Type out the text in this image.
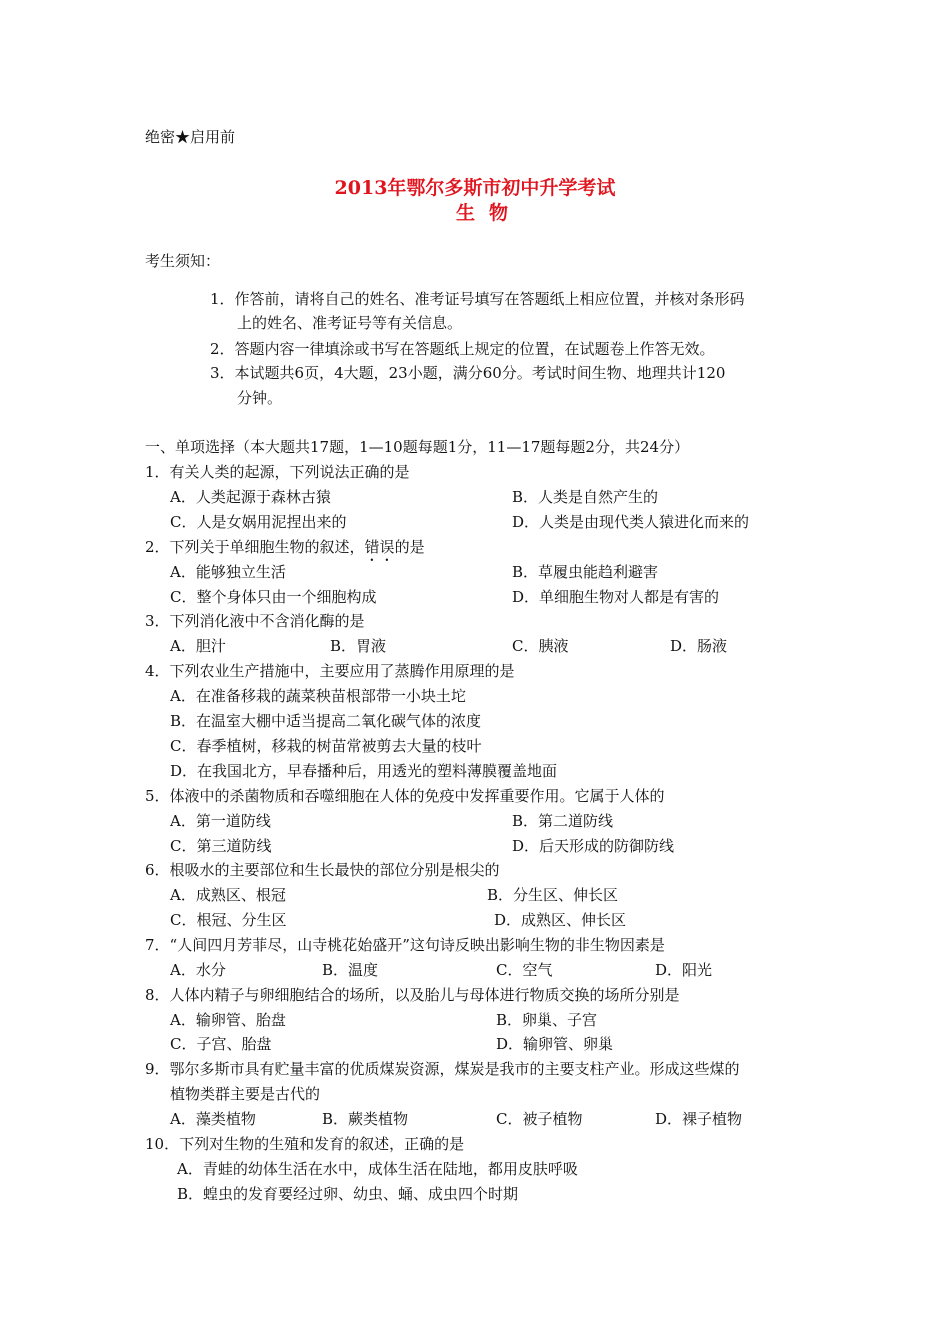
绝密★启用前
2013年鄂尔多斯市初中升学考试
生物
考生须知：
1．作答前，请将自己的姓名、准考证号填写在答题纸上相应位置，并核对条形码
上的姓名、准考证号等有关信息。
2．答题内容一律填涂或书写在答题纸上规定的位置，在试题卷上作答无效。
3．本试题共6页，4大题，23小题，满分60分。考试时间生物、地理共计120
分钟。
一、单项选择（本大题共17题，1—10题每题1分，11—17题每题2分，共24分）
1．有关人类的起源，下列说法正确的是
A．人类起源于森林古猿	B．人类是自然产生的
C．人是女娲用泥捏出来的	D．人类是由现代类人猿进化而来的
2．下列关于单细胞生物的叙述，错误的是
A．能够独立生活	B．草履虫能趋利避害
C．整个身体只由一个细胞构成	D．单细胞生物对人都是有害的
3．下列消化液中不含消化酶的是
A．胆汁	B．胃液	C．胰液	D．肠液
4．下列农业生产措施中，主要应用了蒸腾作用原理的是
A．在准备移栽的蔬菜秧苗根部带一小块土坨
B．在温室大棚中适当提高二氧化碳气体的浓度
C．春季植树，移栽的树苗常被剪去大量的枝叶
D．在我国北方，早春播种后，用透光的塑料薄膜覆盖地面
5．体液中的杀菌物质和吞噬细胞在人体的免疫中发挥重要作用。它属于人体的
A．第一道防线	B．第二道防线
C．第三道防线	D．后天形成的防御防线
6．根吸水的主要部位和生长最快的部位分别是根尖的
A．成熟区、根冠	B．分生区、伸长区
C．根冠、分生区	D．成熟区、伸长区
7．“人间四月芳菲尽，山寺桃花始盛开”这句诗反映出影响生物的非生物因素是
A．水分	B．温度	C．空气	D．阳光
8．人体内精子与卵细胞结合的场所，以及胎儿与母体进行物质交换的场所分别是
A．输卵管、胎盘	B．卵巢、子宫
C．子宫、胎盘	D．输卵管、卵巢
9．鄂尔多斯市具有贮量丰富的优质煤炭资源，煤炭是我市的主要支柱产业。形成这些煤的
植物类群主要是古代的
A．藻类植物	B．蕨类植物	C．被子植物	D．裸子植物
10．下列对生物的生殖和发育的叙述，正确的是
A．青蛙的幼体生活在水中，成体生活在陆地，都用皮肤呼吸
B．蝗虫的发育要经过卵、幼虫、蛹、成虫四个时期
